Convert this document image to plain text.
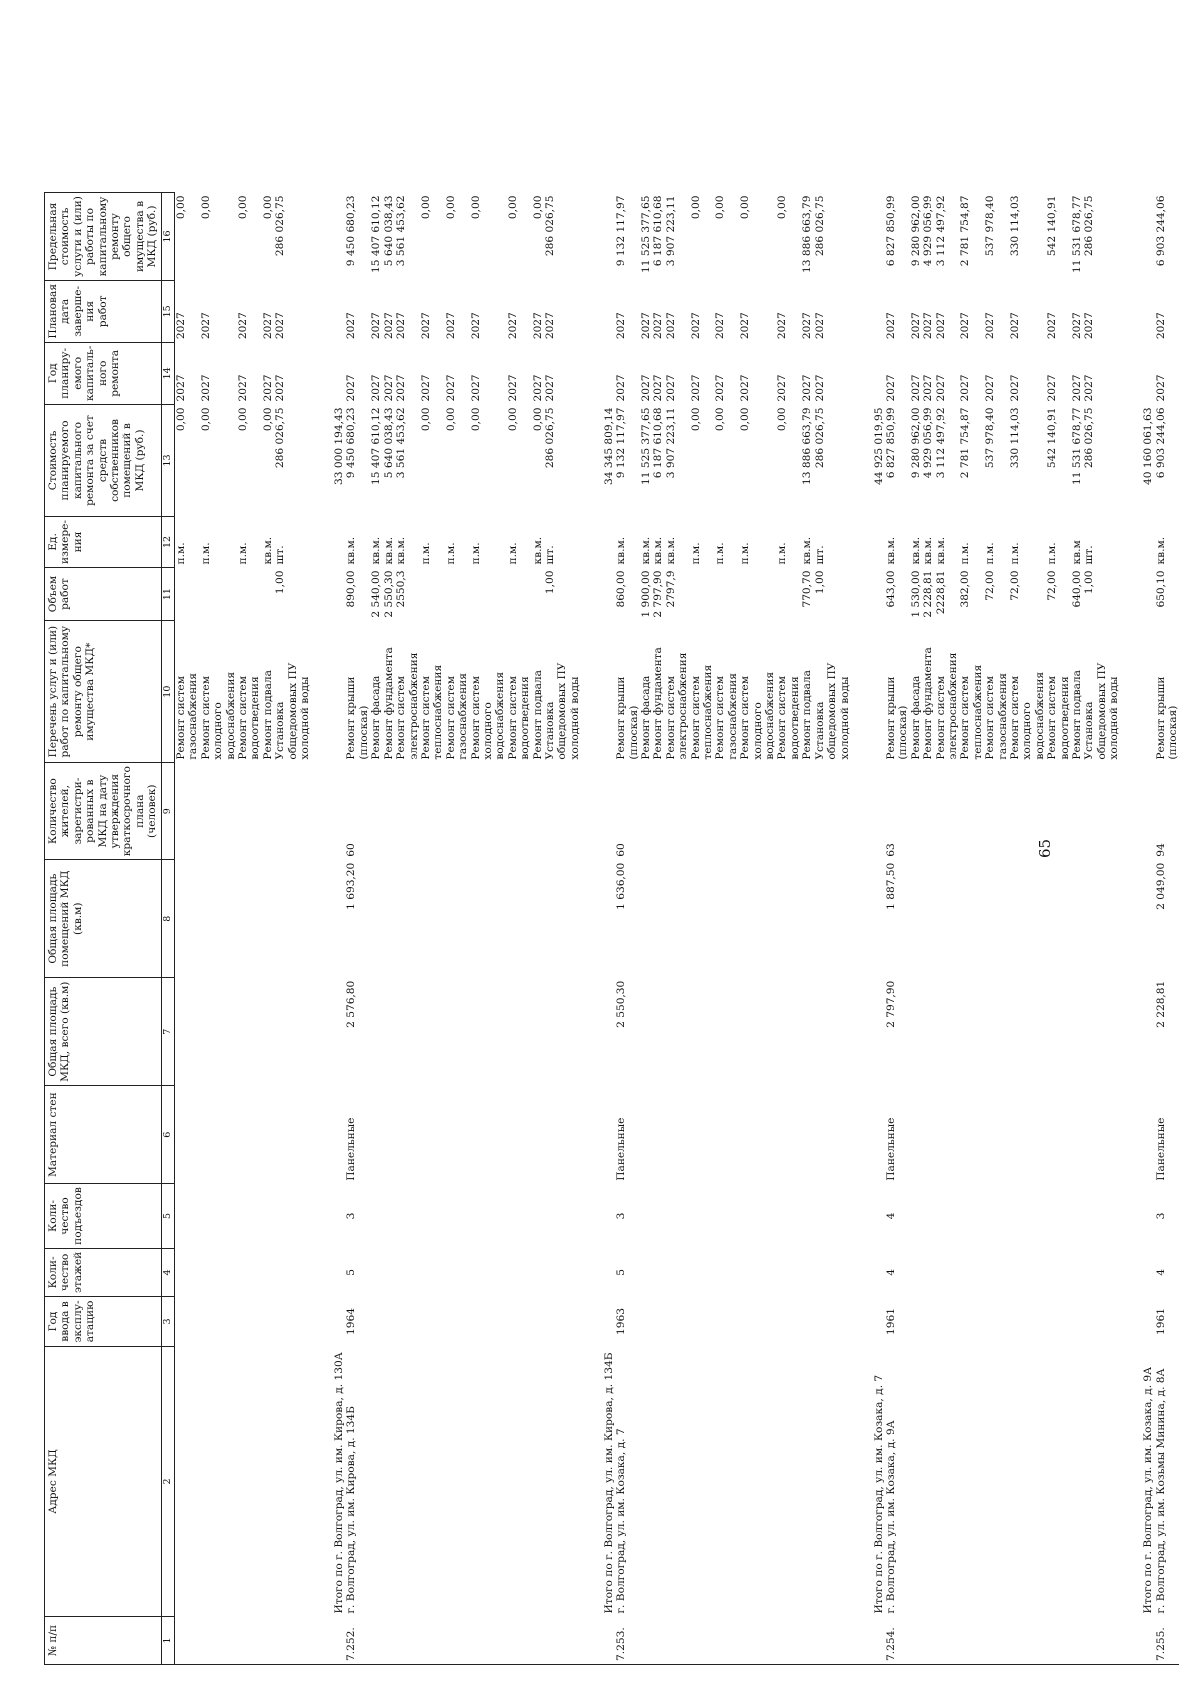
65
№ п/п	Адрес МКД	Год ввода в эксплу-атацию	Коли-чество этажей	Коли-чество подъездов	Материал стен	Общая площадь МКД, всего (кв.м)	Общая площадь помещений МКД (кв.м)	Количество жителей, зарегистри-рованных в МКД на дату утверждения краткосрочного плана (человек)	Перечень услуг и (или) работ по капитальному ремонту общего имущества МКД*	Объем работ	Ед. измере-ния	Стоимость планируемого капитального ремонта за счет средств собственников помещений в МКД (руб.)	Год планиру-емого капиталь-ного ремонта	Плановая дата заверше-ния работ	Предельная стоимость услуги и (или) работы по капитальному ремонту общего имущества в МКД (руб.)
1	2	3	4	5	6	7	8	9	10	11	12	13	14	15	16
									Ремонт систем газоснабжения		п.м.	0,00	2027	2027	0,00
									Ремонт систем холодного водоснабжения		п.м.	0,00	2027	2027	0,00
									Ремонт систем водоотведения		п.м.	0,00	2027	2027	0,00
									Ремонт подвала		кв.м.	0,00	2027	2027	0,00
									Установка общедомовых ПУ холодной воды	1,00	шт.	286 026,75	2027	2027	286 026,75
	Итого по г. Волгоград, ул. им. Кирова, д. 130А											33 000 194,43			
7.252.	г. Волгоград, ул. им. Кирова, д. 134Б	1964	5	3	Панельные	2 576,80	1 693,20	60	Ремонт крыши (плоская)	890,00	кв.м.	9 450 680,23	2027	2027	9 450 680,23
									Ремонт фасада	2 540,00	кв.м.	15 407 610,12	2027	2027	15 407 610,12
									Ремонт фундамента	2 550,30	кв.м.	5 640 038,43	2027	2027	5 640 038,43
									Ремонт систем электроснабжения	2550,3	кв.м.	3 561 453,62	2027	2027	3 561 453,62
									Ремонт систем теплоснабжения		п.м.	0,00	2027	2027	0,00
									Ремонт систем газоснабжения		п.м.	0,00	2027	2027	0,00
									Ремонт систем холодного водоснабжения		п.м.	0,00	2027	2027	0,00
									Ремонт систем водоотведения		п.м.	0,00	2027	2027	0,00
									Ремонт подвала		кв.м.	0,00	2027	2027	0,00
									Установка общедомовых ПУ холодной воды	1,00	шт.	286 026,75	2027	2027	286 026,75
	Итого по г. Волгоград, ул. им. Кирова, д. 134Б											34 345 809,14			
7.253.	г. Волгоград, ул. им. Козака, д. 7	1963	5	3	Панельные	2 550,30	1 636,00	60	Ремонт крыши (плоская)	860,00	кв.м.	9 132 117,97	2027	2027	9 132 117,97
									Ремонт фасада	1 900,00	кв.м.	11 525 377,65	2027	2027	11 525 377,65
									Ремонт фундамента	2 797,90	кв.м.	6 187 610,68	2027	2027	6 187 610,68
									Ремонт систем электроснабжения	2797,9	кв.м.	3 907 223,11	2027	2027	3 907 223,11
									Ремонт систем теплоснабжения		п.м.	0,00	2027	2027	0,00
									Ремонт систем газоснабжения		п.м.	0,00	2027	2027	0,00
									Ремонт систем холодного водоснабжения		п.м.	0,00	2027	2027	0,00
									Ремонт систем водоотведения		п.м.	0,00	2027	2027	0,00
									Ремонт подвала	770,70	кв.м.	13 886 663,79	2027	2027	13 886 663,79
									Установка общедомовых ПУ холодной воды	1,00	шт.	286 026,75	2027	2027	286 026,75
	Итого по г. Волгоград, ул. им. Козака, д. 7											44 925 019,95			
7.254.	г. Волгоград, ул. им. Козака, д. 9А	1961	4	4	Панельные	2 797,90	1 887,50	63	Ремонт крыши (плоская)	643,00	кв.м.	6 827 850,99	2027	2027	6 827 850,99
									Ремонт фасада	1 530,00	кв.м.	9 280 962,00	2027	2027	9 280 962,00
									Ремонт фундамента	2 228,81	кв.м.	4 929 056,99	2027	2027	4 929 056,99
									Ремонт систем электроснабжения	2228,81	кв.м.	3 112 497,92	2027	2027	3 112 497,92
									Ремонт систем теплоснабжения	382,00	п.м.	2 781 754,87	2027	2027	2 781 754,87
									Ремонт систем газоснабжения	72,00	п.м.	537 978,40	2027	2027	537 978,40
									Ремонт систем холодного водоснабжения	72,00	п.м.	330 114,03	2027	2027	330 114,03
									Ремонт систем водоотведения	72,00	п.м.	542 140,91	2027	2027	542 140,91
									Ремонт подвала	640,00	кв.м	11 531 678,77	2027	2027	11 531 678,77
									Установка общедомовых ПУ холодной воды	1,00	шт.	286 026,75	2027	2027	286 026,75
	Итого по г. Волгоград, ул. им. Козака, д. 9А											40 160 061,63			
7.255.	г. Волгоград, ул. им. Козьмы Минина, д. 8А	1961	4	3	Панельные	2 228,81	2 049,00	94	Ремонт крыши (плоская)	650,10	кв.м.	6 903 244,06	2027	2027	6 903 244,06
